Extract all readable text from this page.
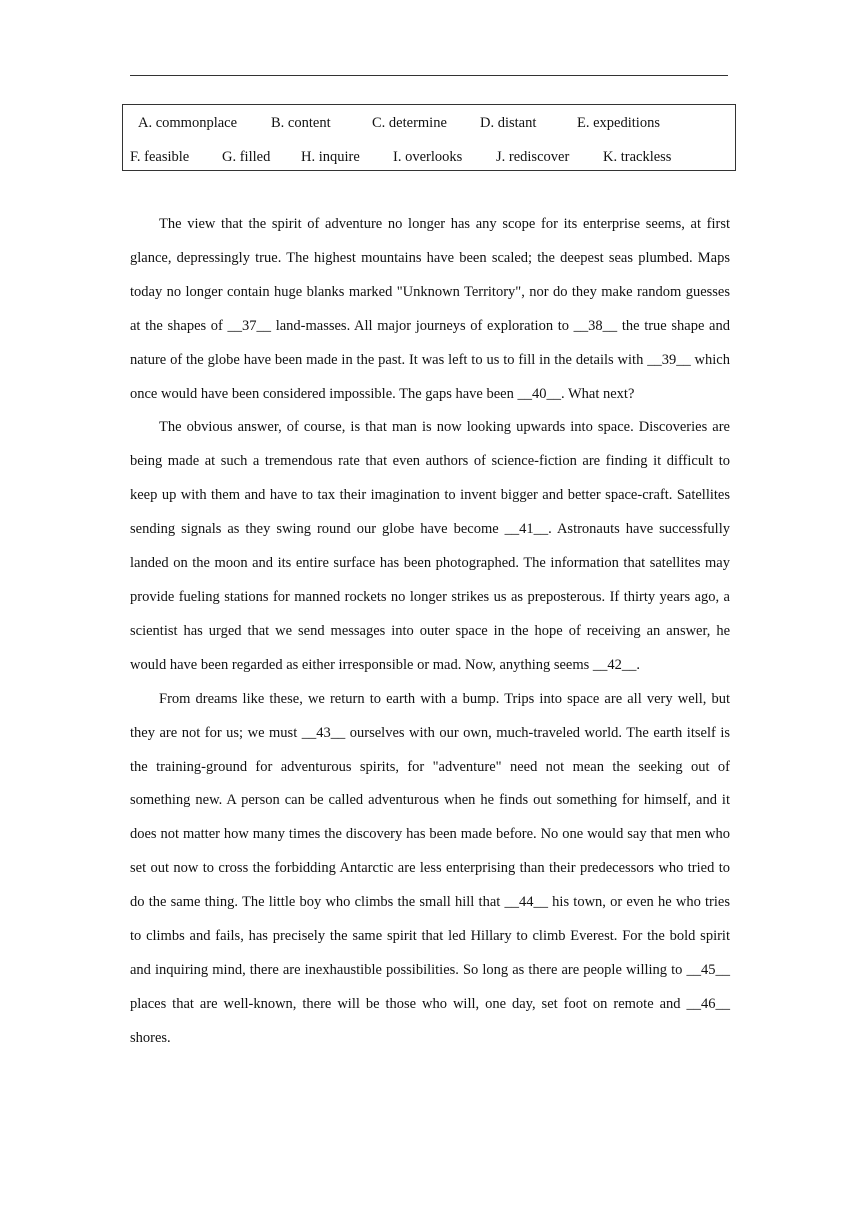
A. commonplace B. content	C. determine D. distant	E. expeditions
F. feasible G. filled H. inquire I. overlooks J. rediscover K. trackless

The view that the spirit of adventure no longer has any scope for its enterprise seems, at first glance, depressingly true. The highest mountains have been scaled; the deepest seas plumbed. Maps today no longer contain huge blanks marked "Unknown Territory", nor do they make random guesses at the shapes of __37__ land-masses. All major journeys of exploration to __38__ the true shape and nature of the globe have been made in the past. It was left to us to fill in the details with __39__ which once would have been considered impossible. The gaps have been __40__. What next?

The obvious answer, of course, is that man is now looking upwards into space. Discoveries are being made at such a tremendous rate that even authors of science-fiction are finding it difficult to keep up with them and have to tax their imagination to invent bigger and better space-craft. Satellites sending signals as they swing round our globe have become __41__. Astronauts have successfully landed on the moon and its entire surface has been photographed. The information that satellites may provide fueling stations for manned rockets no longer strikes us as preposterous. If thirty years ago, a scientist has urged that we send messages into outer space in the hope of receiving an answer, he would have been regarded as either irresponsible or mad. Now, anything seems __42__.

From dreams like these, we return to earth with a bump. Trips into space are all very well, but they are not for us; we must __43__ ourselves with our own, much-traveled world. The earth itself is the training-ground for adventurous spirits, for "adventure" need not mean the seeking out of something new. A person can be called adventurous when he finds out something for himself, and it does not matter how many times the discovery has been made before. No one would say that men who set out now to cross the forbidding Antarctic are less enterprising than their predecessors who tried to do the same thing. The little boy who climbs the small hill that __44__ his town, or even he who tries to climbs and fails, has precisely the same spirit that led Hillary to climb Everest. For the bold spirit and inquiring mind, there are inexhaustible possibilities. So long as there are people willing to __45__ places that are well-known, there will be those who will, one day, set foot on remote and __46__ shores.
